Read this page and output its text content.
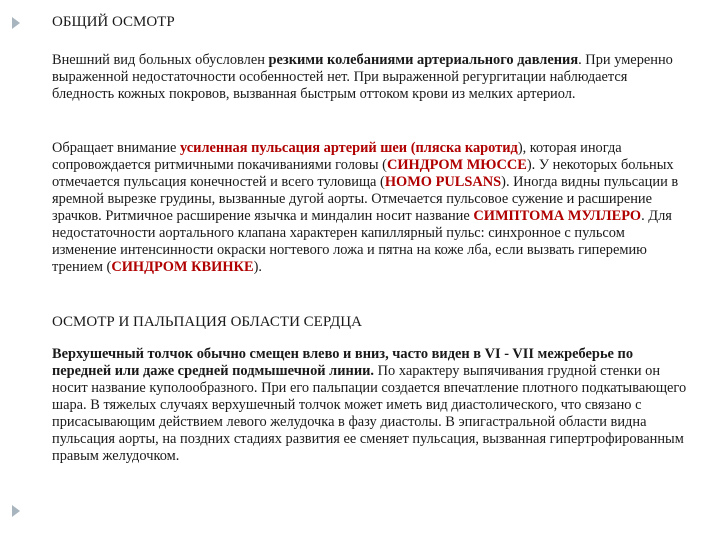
ОБЩИЙ ОСМОТР

Внешний вид больных обусловлен резкими колебаниями артериального давления. При умеренно выраженной недостаточности особенностей нет. При выраженной регургитации наблюдается бледность кожных покровов, вызванная быстрым оттоком крови из мелких артериол.

Обращает внимание усиленная пульсация артерий шеи (пляска каротид), которая иногда сопровождается ритмичными покачиваниями головы (СИНДРОМ МЮССЕ). У некоторых больных отмечается пульсация конечностей и всего туловища (HOMO PULSANS). Иногда видны пульсации в яремной вырезке грудины, вызванные дугой аорты. Отмечается пульсовое сужение и расширение зрачков. Ритмичное расширение язычка и миндалин носит название СИМПТОМА МУЛЛЕРО. Для недостаточности аортального клапана характерен капиллярный пульс: синхронное с пульсом изменение интенсинности окраски ногтевого ложа и пятна на коже лба, если вызвать гиперемию трением (СИНДРОМ КВИНКЕ).

ОСМОТР И ПАЛЬПАЦИЯ ОБЛАСТИ СЕРДЦА

Верхушечный толчок обычно смещен влево и вниз, часто виден в VI - VII межреберье по передней или даже средней подмышечной линии. По характеру выпячивания грудной стенки он носит название куполообразного. При его пальпации создается впечатление плотного подкатывающего шара. В тяжелых случаях верхушечный толчок может иметь вид диастолического, что связано с присасывающим действием левого желудочка в фазу диастолы. В эпигастральной области видна пульсация аорты, на поздних стадиях развития ее сменяет пульсация, вызванная гипертрофированным правым желудочком.
